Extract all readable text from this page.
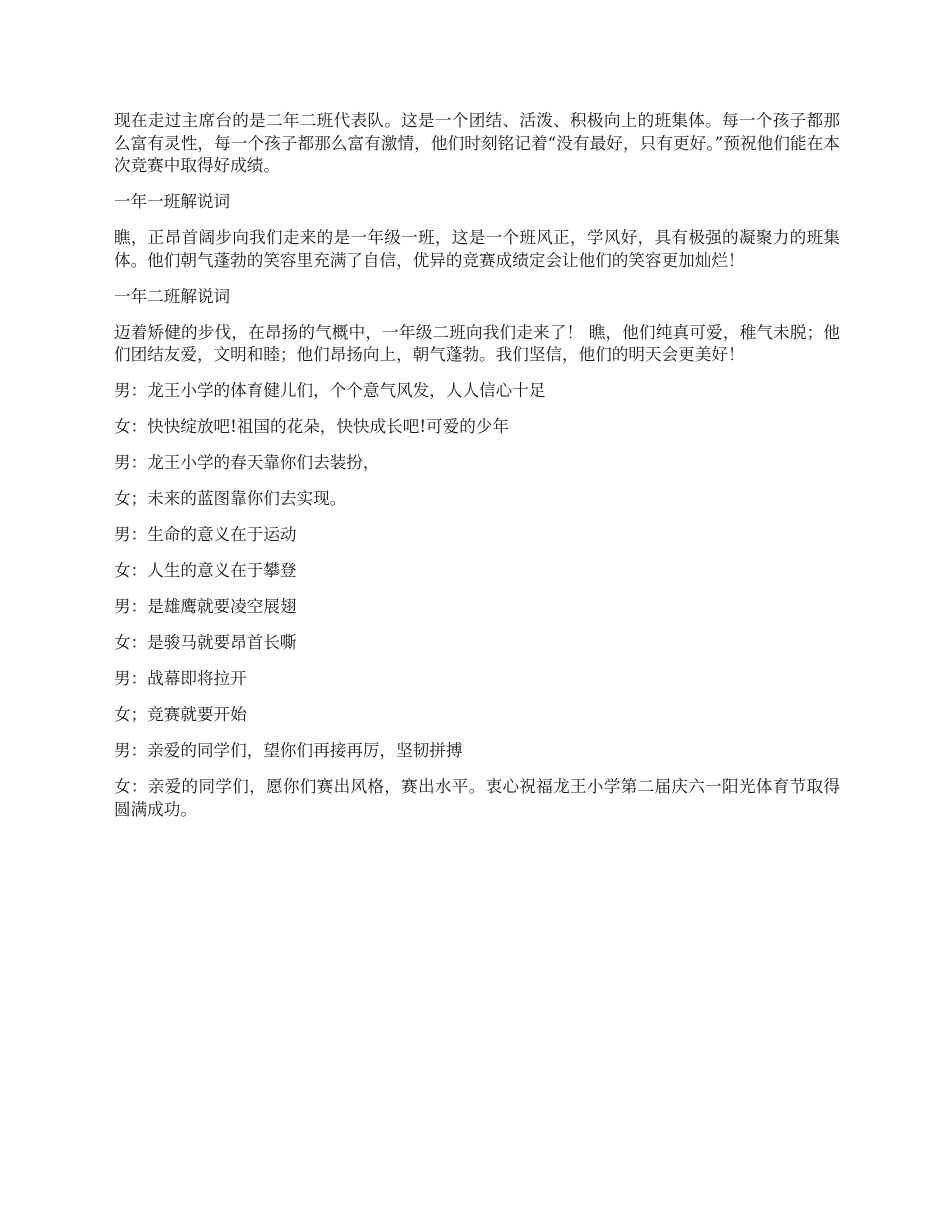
现在走过主席台的是二年二班代表队。这是一个团结、活泼、积极向上的班集体。每一个孩子都那么富有灵性，每一个孩子都那么富有激情，他们时刻铭记着“没有最好，只有更好。”预祝他们能在本次竞赛中取得好成绩。

一年一班解说词

瞧，正昂首阔步向我们走来的是一年级一班，这是一个班风正，学风好，具有极强的凝聚力的班集体。他们朝气蓬勃的笑容里充满了自信，优异的竞赛成绩定会让他们的笑容更加灿烂！

一年二班解说词

迈着矫健的步伐，在昂扬的气概中，一年级二班向我们走来了！ 瞧，他们纯真可爱，稚气未脱；他们团结友爱，文明和睦；他们昂扬向上，朝气蓬勃。我们坚信，他们的明天会更美好！

男：龙王小学的体育健儿们，个个意气风发，人人信心十足

女：快快绽放吧!祖国的花朵，快快成长吧!可爱的少年

男：龙王小学的春天靠你们去装扮，

女；未来的蓝图靠你们去实现。

男：生命的意义在于运动

女：人生的意义在于攀登

男：是雄鹰就要凌空展翅

女：是骏马就要昂首长嘶

男：战幕即将拉开

女；竞赛就要开始

男：亲爱的同学们，望你们再接再厉，坚韧拼搏

女：亲爱的同学们，愿你们赛出风格，赛出水平。衷心祝福龙王小学第二届庆六一阳光体育节取得圆满成功。
